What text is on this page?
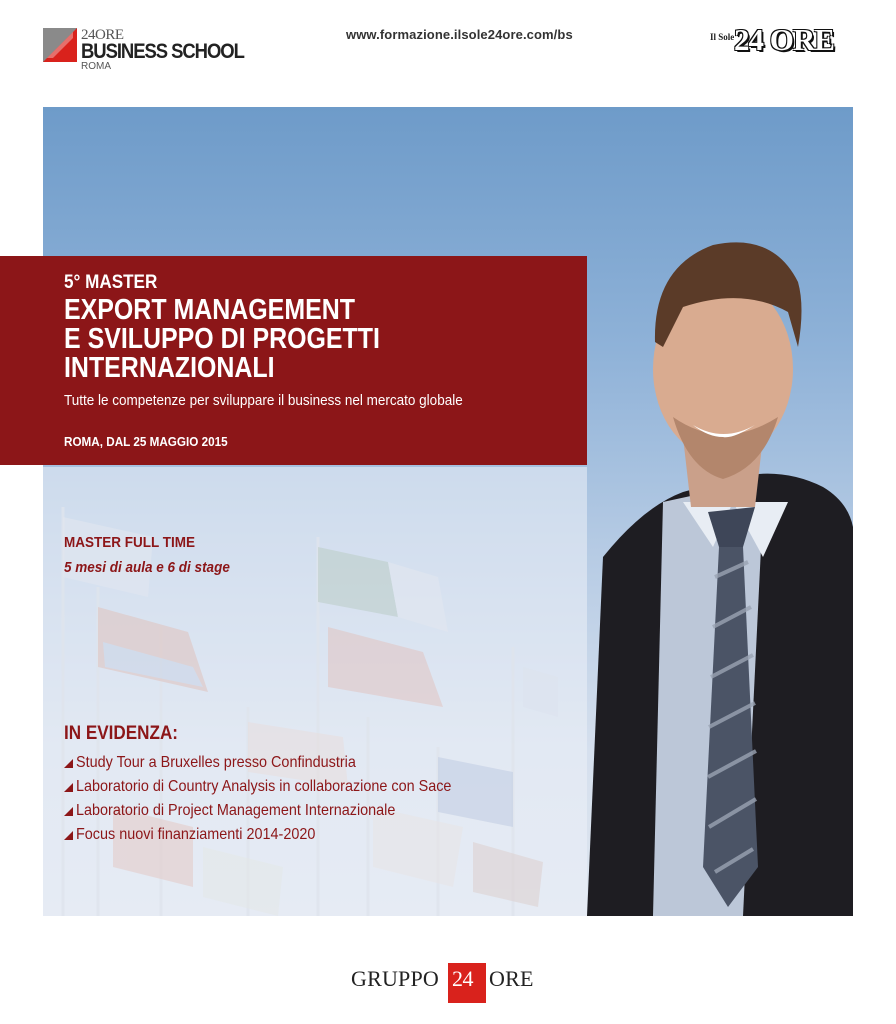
24ORE
BUSINESS SCHOOL
ROMA
www.formazione.ilsole24ore.com/bs	Il Sole 24 ORE
5° MASTER
EXPORT MANAGEMENT
E SVILUPPO DI PROGETTI
INTERNAZIONALI
Tutte le competenze per sviluppare il business nel mercato globale
ROMA, DAL 25 MAGGIO 2015
MASTER FULL TIME
5 mesi di aula e 6 di stage
IN EVIDENZA:
Study Tour a Bruxelles presso Confindustria
Laboratorio di Country Analysis in collaborazione con Sace
Laboratorio di Project Management Internazionale
Focus nuovi finanziamenti 2014-2020
GRUPPO 24 ORE
